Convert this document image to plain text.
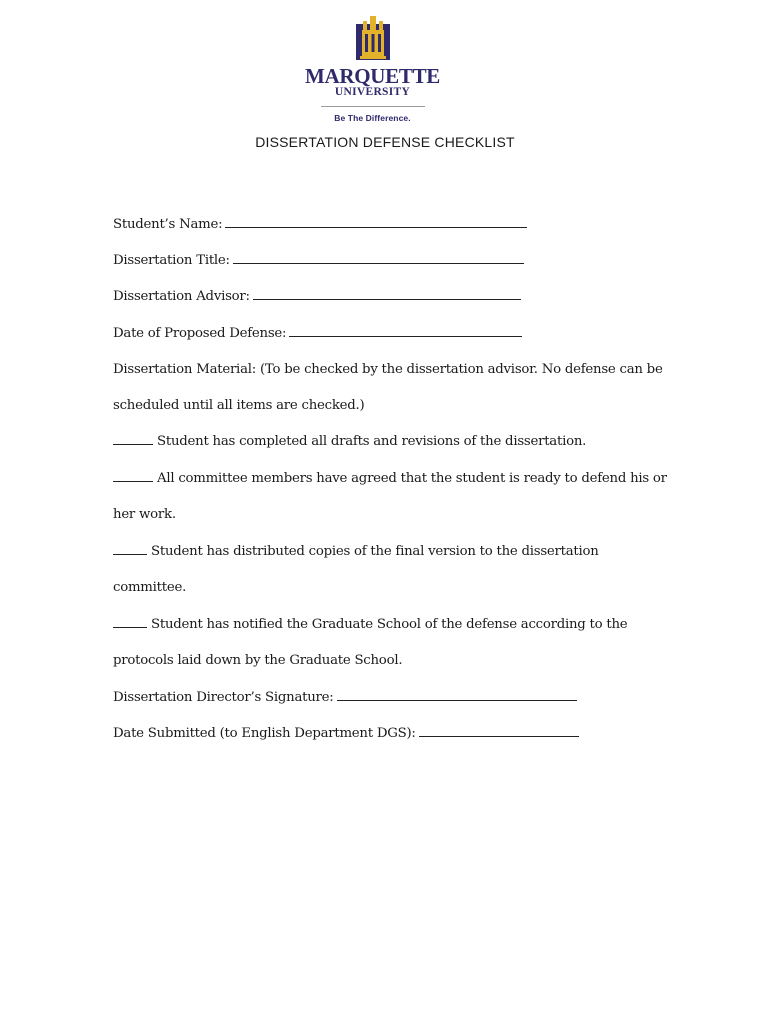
MARQUETTE
UNIVERSITY
Be The Difference.
DISSERTATION DEFENSE CHECKLIST
Student’s Name:
Dissertation Title:
Dissertation Advisor:
Date of Proposed Defense:
Dissertation Material: (To be checked by the dissertation advisor. No defense can be
scheduled until all items are checked.)
Student has completed all drafts and revisions of the dissertation.
All committee members have agreed that the student is ready to defend his or
her work.
Student has distributed copies of the final version to the dissertation
committee.
Student has notified the Graduate School of the defense according to the
protocols laid down by the Graduate School.
Dissertation Director’s Signature:
Date Submitted (to English Department DGS):
